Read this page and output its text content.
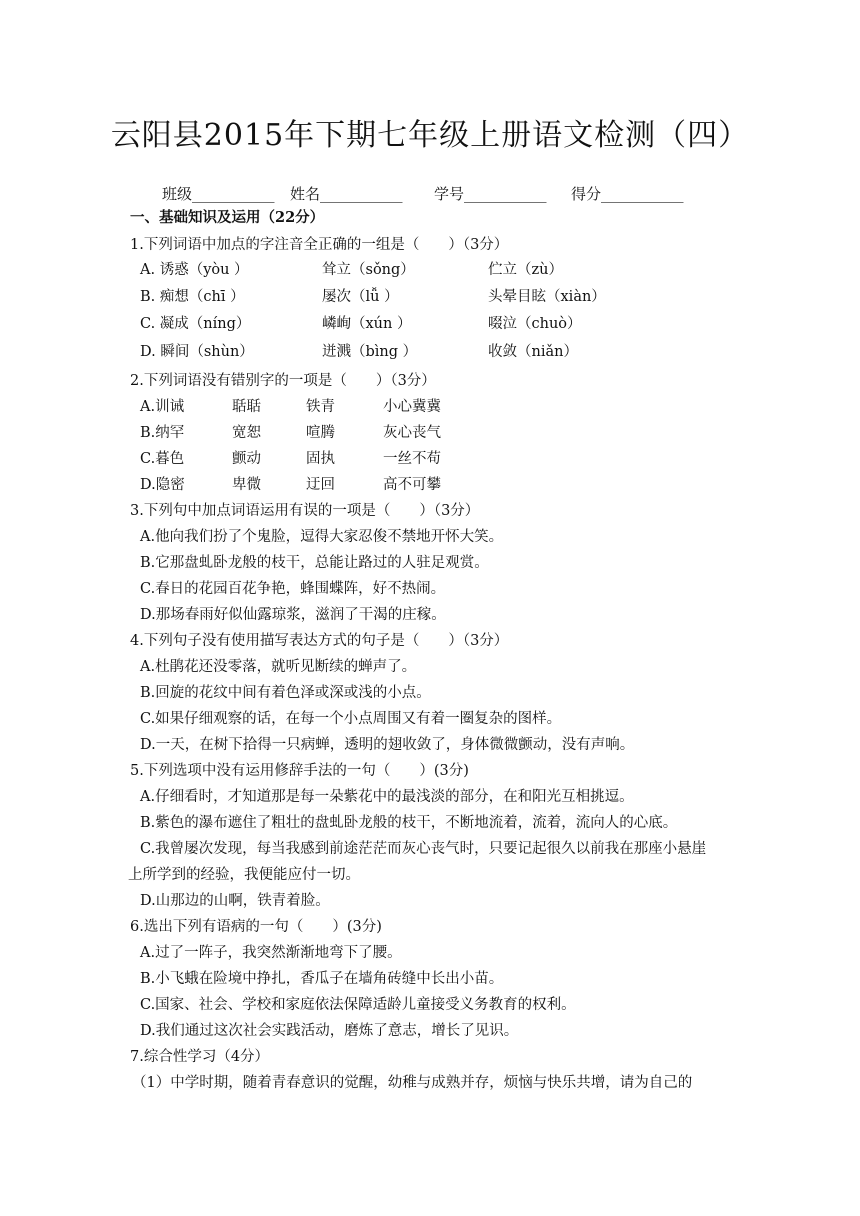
云阳县2015年下期七年级上册语文检测（四）
班级___________ 姓名___________ 学号___________ 得分___________
一、基础知识及运用（22分）
1.下列词语中加点的字注音全正确的一组是（　　）（3分）
A. 诱惑（yòu ）	耸立（sǒng）	伫立（zù）
B. 痴想（chī ）	屡次（lǚ ）	头晕目眩（xiàn）
C. 凝成（níng）	嶙峋（xún ）	啜泣（chuò）
D. 瞬间（shùn）	迸溅（bìng ）	收敛（niǎn）
2.下列词语没有错别字的一项是（　　）（3分）
A.训诫	聒聒	铁青	小心冀冀
B.纳罕	宽恕	喧腾	灰心丧气
C.暮色	颤动	固执	一丝不苟
D.隐密	卑微	迂回	高不可攀
3.下列句中加点词语运用有误的一项是（　　）（3分）
A.他向我们扮了个鬼脸，逗得大家忍俊不禁地开怀大笑。
B.它那盘虬卧龙般的枝干，总能让路过的人驻足观赏。
C.春日的花园百花争艳，蜂围蝶阵，好不热闹。
D.那场春雨好似仙露琼浆，滋润了干渴的庄稼。
4.下列句子没有使用描写表达方式的句子是（　　）（3分）
A.杜鹃花还没零落，就听见断续的蝉声了。
B.回旋的花纹中间有着色泽或深或浅的小点。
C.如果仔细观察的话，在每一个小点周围又有着一圈复杂的图样。
D.一天，在树下拾得一只病蝉，透明的翅收敛了，身体微微颤动，没有声响。
5.下列选项中没有运用修辞手法的一句（　　）(3分)
A.仔细看时，才知道那是每一朵紫花中的最浅淡的部分，在和阳光互相挑逗。
B.紫色的瀑布遮住了粗壮的盘虬卧龙般的枝干，不断地流着，流着，流向人的心底。
C.我曾屡次发现，每当我感到前途茫茫而灰心丧气时，只要记起很久以前我在那座小悬崖
上所学到的经验，我便能应付一切。
D.山那边的山啊，铁青着脸。
6.选出下列有语病的一句（　　）(3分)
A.过了一阵子，我突然渐渐地弯下了腰。
B.小飞蛾在险境中挣扎，香瓜子在墙角砖缝中长出小苗。
C.国家、社会、学校和家庭依法保障适龄儿童接受义务教育的权利。
D.我们通过这次社会实践活动，磨炼了意志，增长了见识。
7.综合性学习（4分）
（1）中学时期，随着青春意识的觉醒，幼稚与成熟并存，烦恼与快乐共增，请为自己的
